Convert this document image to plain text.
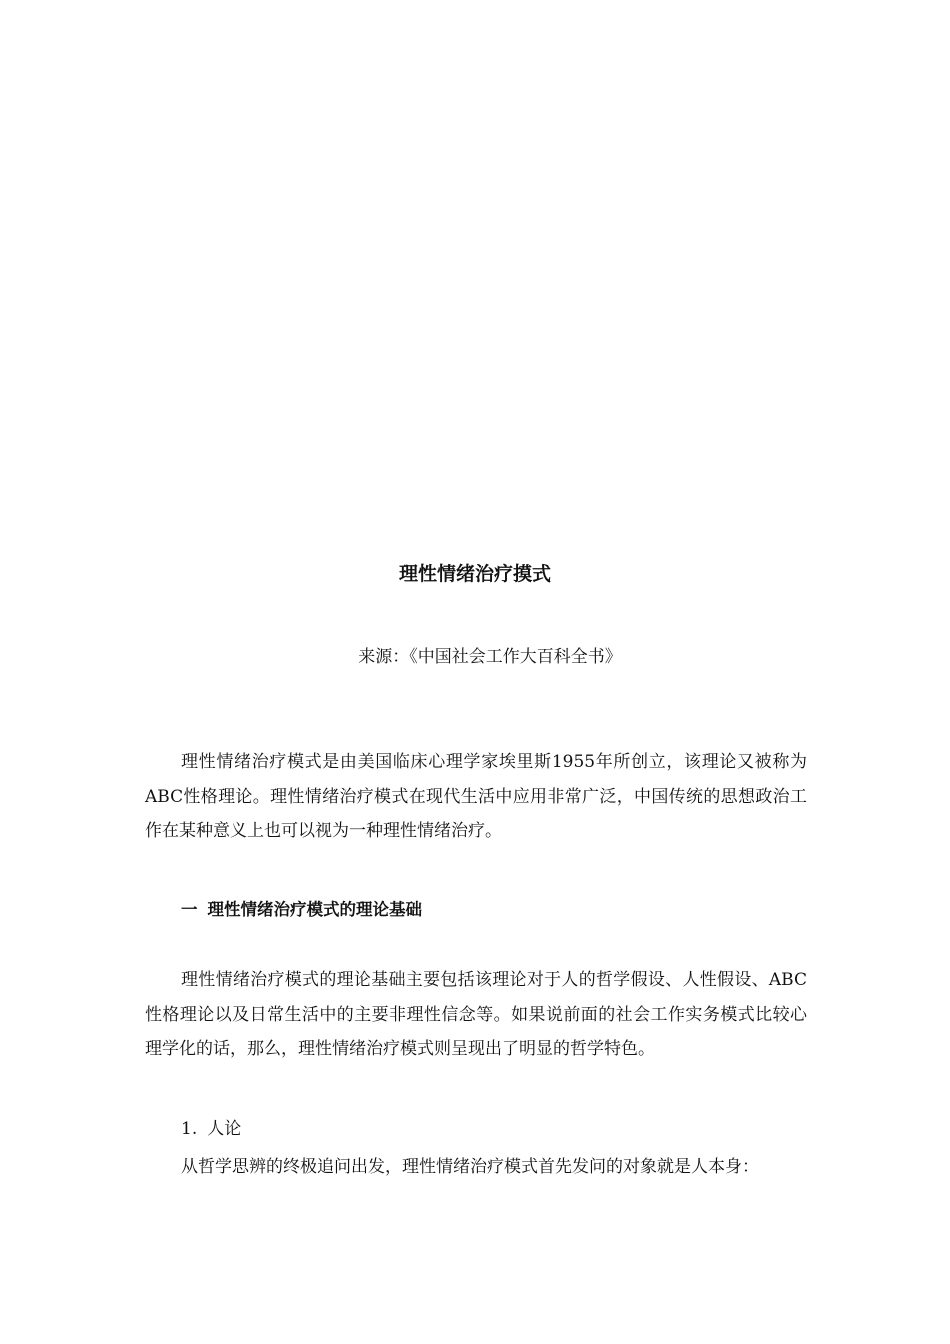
理性情绪治疗摸式
来源：《中国社会工作大百科全书》

理性情绪治疗模式是由美国临床心理学家埃里斯1955年所创立，该理论又被称为ABC性格理论。理性情绪治疗模式在现代生活中应用非常广泛，中国传统的思想政治工作在某种意义上也可以视为一种理性情绪治疗。

一 理性情绪治疗模式的理论基础

理性情绪治疗模式的理论基础主要包括该理论对于人的哲学假设、人性假设、ABC性格理论以及日常生活中的主要非理性信念等。如果说前面的社会工作实务模式比较心理学化的话，那么，理性情绪治疗模式则呈现出了明显的哲学特色。

1. 人论

从哲学思辨的终极追问出发，理性情绪治疗模式首先发问的对象就是人本身：
